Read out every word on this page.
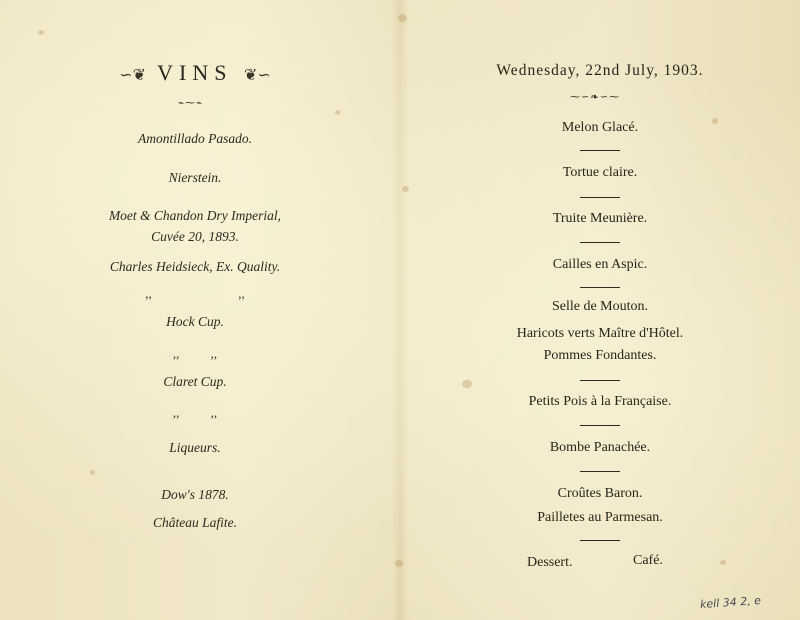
∽❦ VINS ❦∽
⌁⁓⌁
Amontillado Pasado.
Nierstein.
Moet & Chandon Dry Imperial,
Cuvée 20, 1893.
Charles Heidsieck, Ex. Quality.
,,	,,
Hock Cup.
,, ,,
Claret Cup.
,, ,,
Liqueurs.
Dow's 1878.
Château Lafite.
Wednesday, 22nd July, 1903.
⁓∽❧∽⁓
Melon Glacé.
Tortue claire.
Truite Meunière.
Cailles en Aspic.
Selle de Mouton.
Haricots verts Maître d'Hôtel.
Pommes Fondantes.
Petits Pois à la Française.
Bombe Panachée.
Croûtes Baron.
Pailletes au Parmesan.
Dessert.	Café.
kell 34 2, e
